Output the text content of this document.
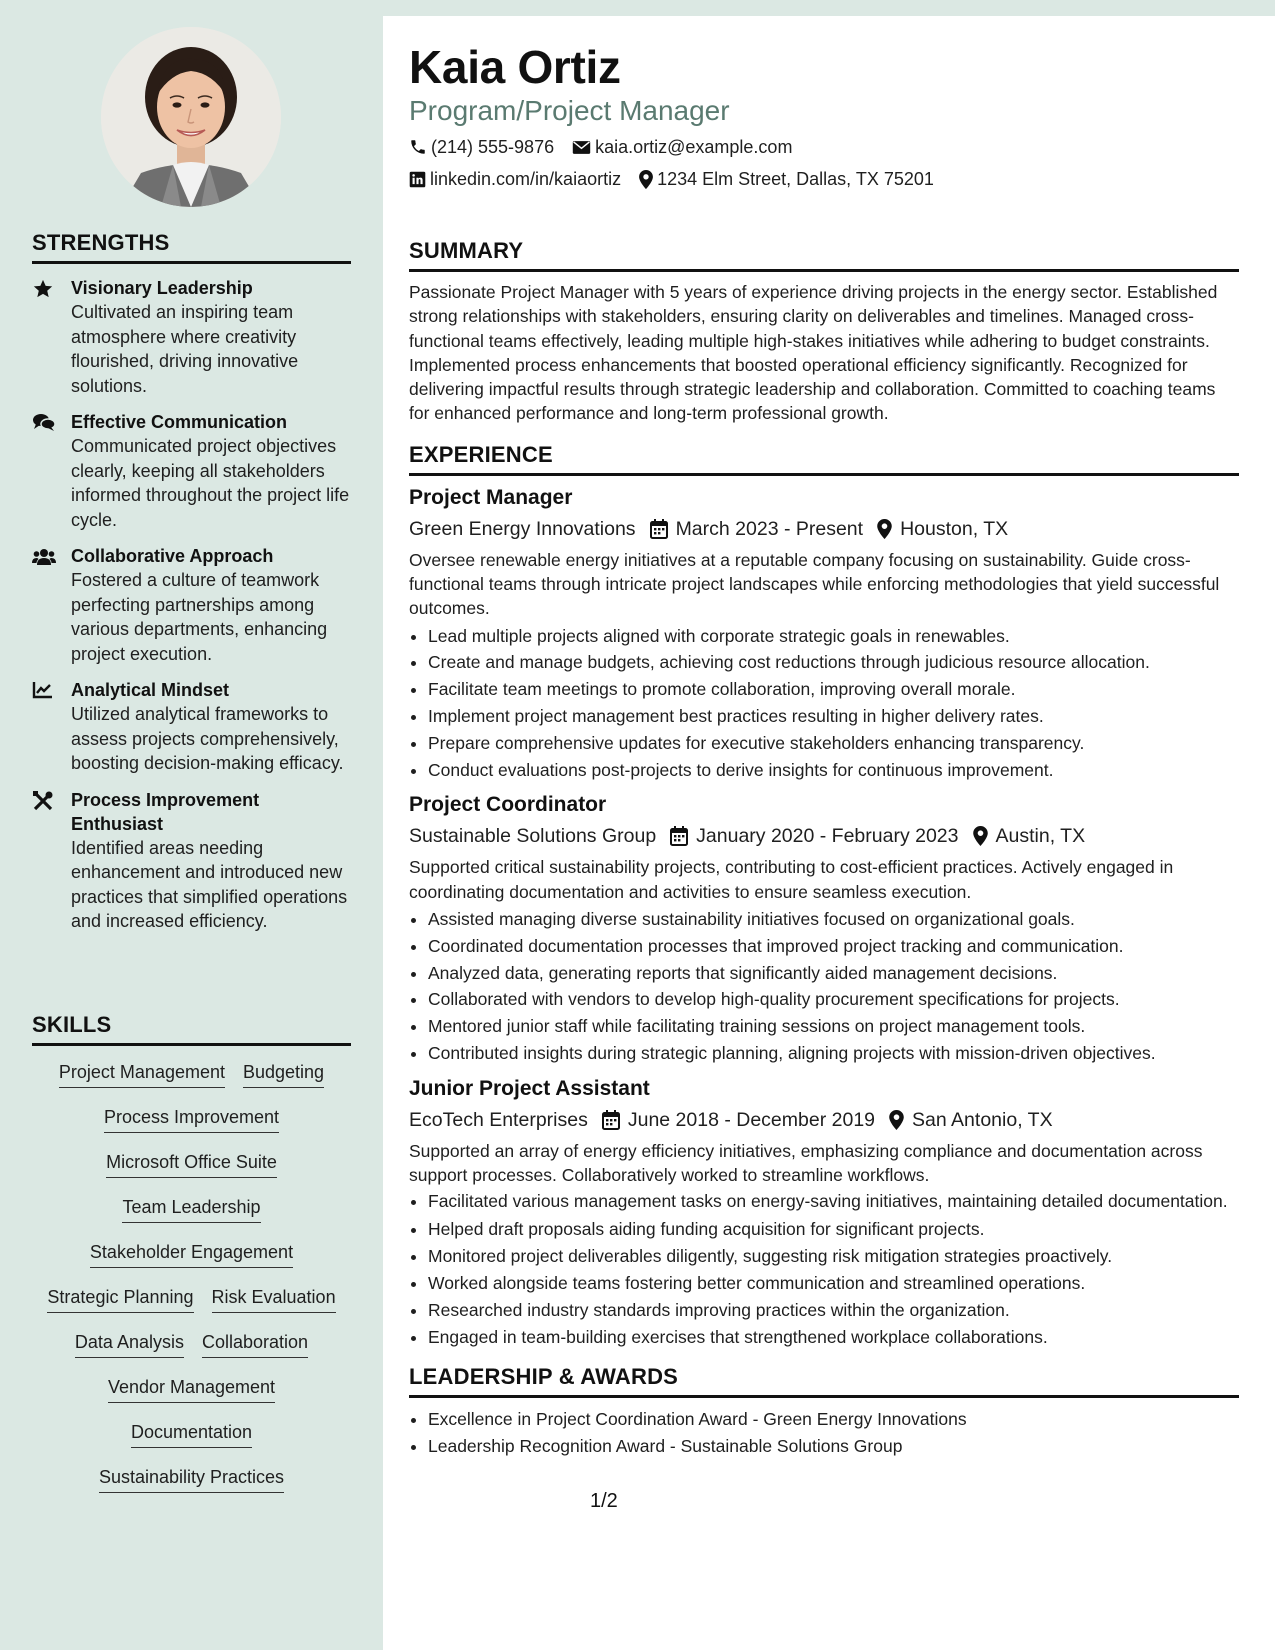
STRENGTHS
Visionary Leadership
Cultivated an inspiring team atmosphere where creativity flourished, driving innovative solutions.
Effective Communication
Communicated project objectives clearly, keeping all stakeholders informed throughout the project life cycle.
Collaborative Approach
Fostered a culture of teamwork perfecting partnerships among various departments, enhancing project execution.
Analytical Mindset
Utilized analytical frameworks to assess projects comprehensively, boosting decision-making efficacy.
Process Improvement Enthusiast
Identified areas needing enhancement and introduced new practices that simplified operations and increased efficiency.
SKILLS
Project Management Budgeting
Process Improvement
Microsoft Office Suite
Team Leadership
Stakeholder Engagement
Strategic Planning Risk Evaluation
Data Analysis Collaboration
Vendor Management
Documentation
Sustainability Practices
Kaia Ortiz
Program/Project Manager
(214) 555-9876 kaia.ortiz@example.com
linkedin.com/in/kaiaortiz 1234 Elm Street, Dallas, TX 75201
SUMMARY
Passionate Project Manager with 5 years of experience driving projects in the energy sector. Established strong relationships with stakeholders, ensuring clarity on deliverables and timelines. Managed cross-functional teams effectively, leading multiple high-stakes initiatives while adhering to budget constraints. Implemented process enhancements that boosted operational efficiency significantly. Recognized for delivering impactful results through strategic leadership and collaboration. Committed to coaching teams for enhanced performance and long-term professional growth.
EXPERIENCE
Project Manager
Green Energy Innovations March 2023 - Present Houston, TX
Oversee renewable energy initiatives at a reputable company focusing on sustainability. Guide cross-functional teams through intricate project landscapes while enforcing methodologies that yield successful outcomes.
• Lead multiple projects aligned with corporate strategic goals in renewables.
• Create and manage budgets, achieving cost reductions through judicious resource allocation.
• Facilitate team meetings to promote collaboration, improving overall morale.
• Implement project management best practices resulting in higher delivery rates.
• Prepare comprehensive updates for executive stakeholders enhancing transparency.
• Conduct evaluations post-projects to derive insights for continuous improvement.
Project Coordinator
Sustainable Solutions Group January 2020 - February 2023 Austin, TX
Supported critical sustainability projects, contributing to cost-efficient practices. Actively engaged in coordinating documentation and activities to ensure seamless execution.
• Assisted managing diverse sustainability initiatives focused on organizational goals.
• Coordinated documentation processes that improved project tracking and communication.
• Analyzed data, generating reports that significantly aided management decisions.
• Collaborated with vendors to develop high-quality procurement specifications for projects.
• Mentored junior staff while facilitating training sessions on project management tools.
• Contributed insights during strategic planning, aligning projects with mission-driven objectives.
Junior Project Assistant
EcoTech Enterprises June 2018 - December 2019 San Antonio, TX
Supported an array of energy efficiency initiatives, emphasizing compliance and documentation across support processes. Collaboratively worked to streamline workflows.
• Facilitated various management tasks on energy-saving initiatives, maintaining detailed documentation.
• Helped draft proposals aiding funding acquisition for significant projects.
• Monitored project deliverables diligently, suggesting risk mitigation strategies proactively.
• Worked alongside teams fostering better communication and streamlined operations.
• Researched industry standards improving practices within the organization.
• Engaged in team-building exercises that strengthened workplace collaborations.
LEADERSHIP & AWARDS
• Excellence in Project Coordination Award - Green Energy Innovations
• Leadership Recognition Award - Sustainable Solutions Group
1/2
